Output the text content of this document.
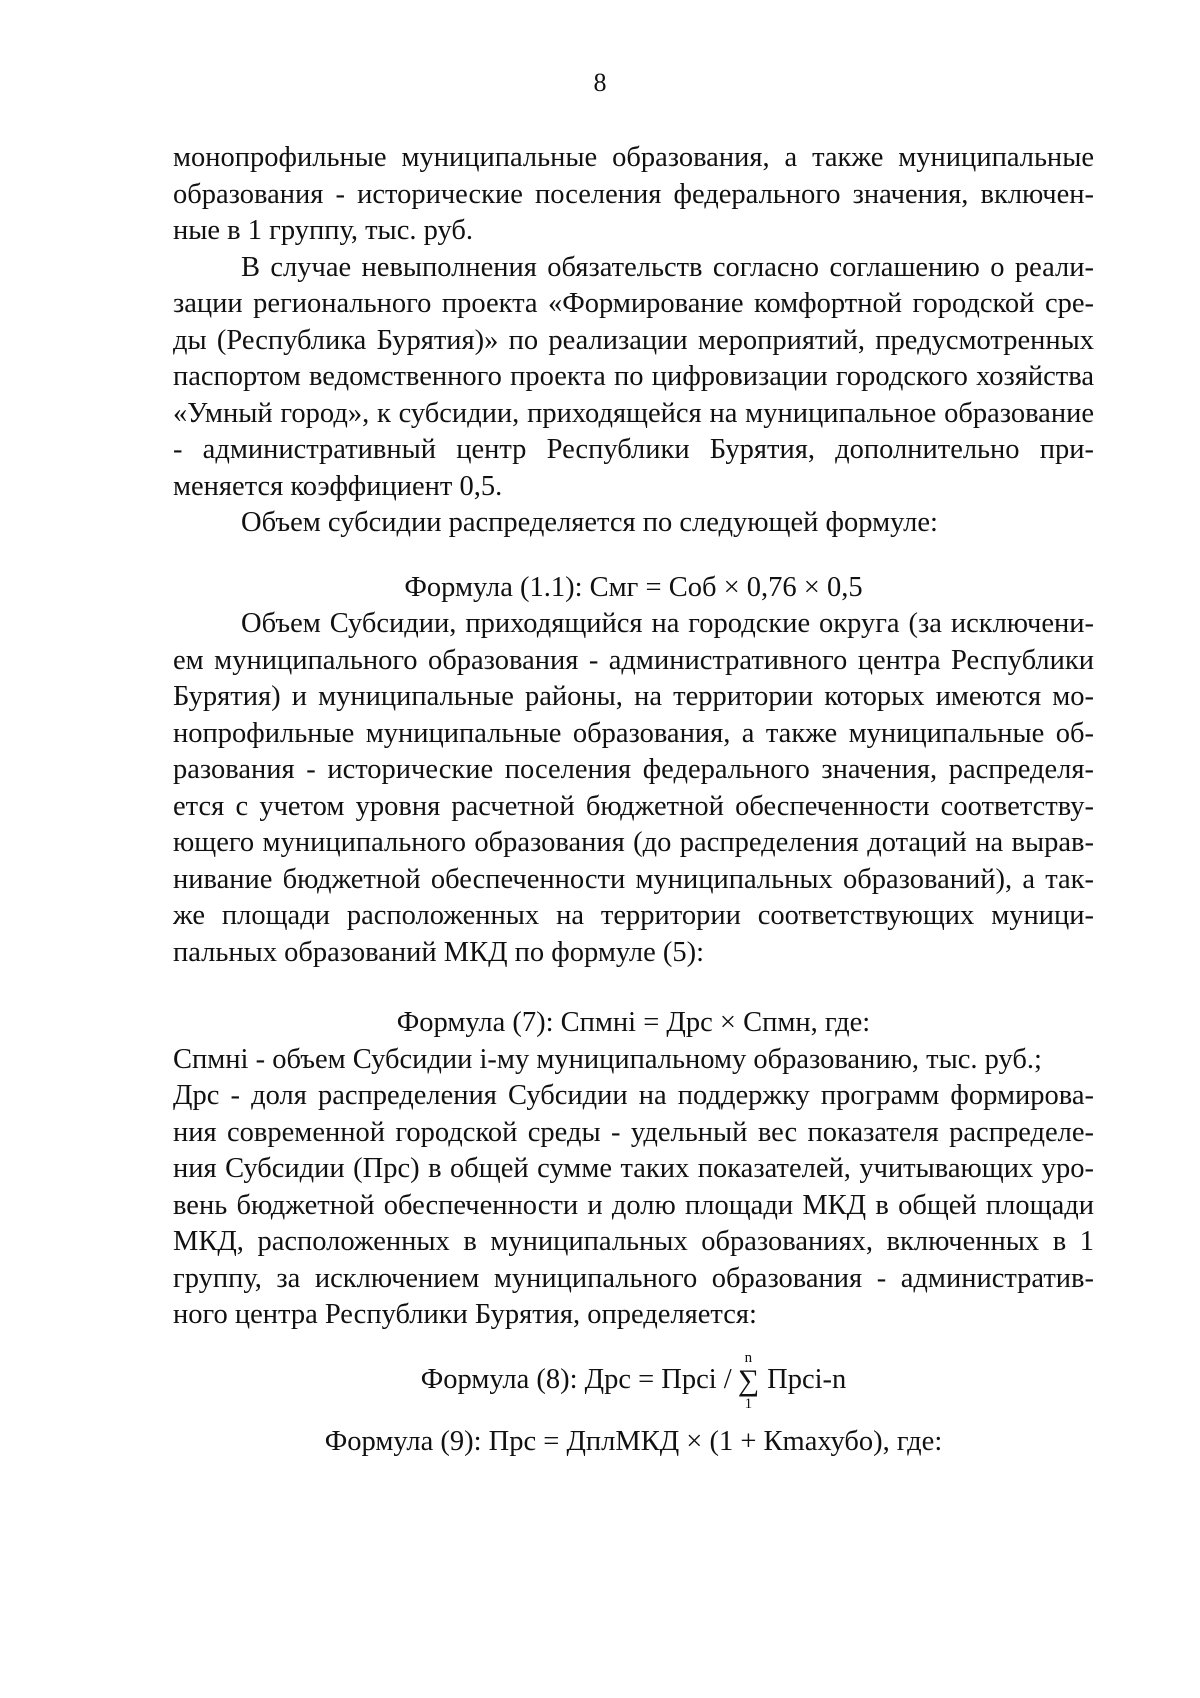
8

монопрофильные муниципальные образования, а также муниципальные образования - исторические поселения федерального значения, включенные в 1 группу, тыс. руб.

В случае невыполнения обязательств согласно соглашению о реализации регионального проекта «Формирование комфортной городской среды (Республика Бурятия)» по реализации мероприятий, предусмотренных паспортом ведомственного проекта по цифровизации городского хозяйства «Умный город», к субсидии, приходящейся на муниципальное образование - административный центр Республики Бурятия, дополнительно применяется коэффициент 0,5.

Объем субсидии распределяется по следующей формуле:

Формула (1.1): Смг = Соб × 0,76 × 0,5

Объем Субсидии, приходящийся на городские округа (за исключением муниципального образования - административного центра Республики Бурятия) и муниципальные районы, на территории которых имеются монопрофильные муниципальные образования, а также муниципальные образования - исторические поселения федерального значения, распределяется с учетом уровня расчетной бюджетной обеспеченности соответствующего муниципального образования (до распределения дотаций на выравнивание бюджетной обеспеченности муниципальных образований), а также площади расположенных на территории соответствующих муниципальных образований МКД по формуле (5):

Формула (7): Спмнi = Дрс × Спмн, где:

Спмнi - объем Субсидии i-му муниципальному образованию, тыс. руб.;

Дрс - доля распределения Субсидии на поддержку программ формирования современной городской среды - удельный вес показателя распределения Субсидии (Прс) в общей сумме таких показателей, учитывающих уровень бюджетной обеспеченности и долю площади МКД в общей площади МКД, расположенных в муниципальных образованиях, включенных в 1 группу, за исключением муниципального образования - административного центра Республики Бурятия, определяется:

Формула (8): Дрс = Прсi /
n
∑
1
Прсi-n
Формула (9): Прс = ДплМКД × (1 + Кmахубо), где:
